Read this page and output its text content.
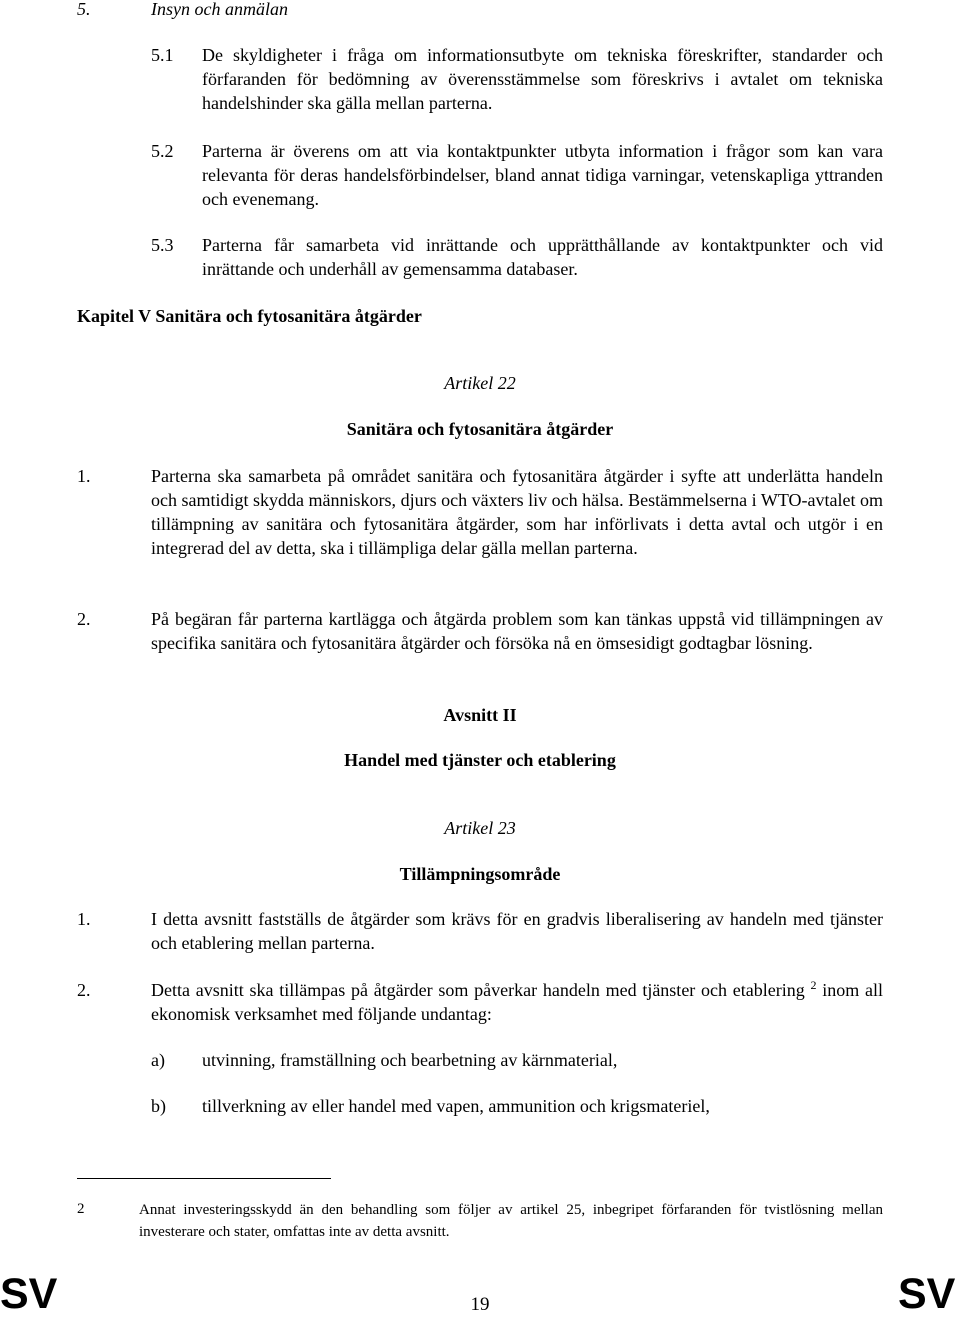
5.	Insyn och anmälan
5.1 De skyldigheter i fråga om informationsutbyte om tekniska föreskrifter, standarder och förfaranden för bedömning av överensstämmelse som föreskrivs i avtalet om tekniska handelshinder ska gälla mellan parterna.
5.2 Parterna är överens om att via kontaktpunkter utbyta information i frågor som kan vara relevanta för deras handelsförbindelser, bland annat tidiga varningar, vetenskapliga yttranden och evenemang.
5.3 Parterna får samarbeta vid inrättande och upprätthållande av kontaktpunkter och vid inrättande och underhåll av gemensamma databaser.
Kapitel V Sanitära och fytosanitära åtgärder
Artikel 22
Sanitära och fytosanitära åtgärder
1.	Parterna ska samarbeta på området sanitära och fytosanitära åtgärder i syfte att underlätta handeln och samtidigt skydda människors, djurs och växters liv och hälsa. Bestämmelserna i WTO-avtalet om tillämpning av sanitära och fytosanitära åtgärder, som har införlivats i detta avtal och utgör i en integrerad del av detta, ska i tillämpliga delar gälla mellan parterna.
2.	På begäran får parterna kartlägga och åtgärda problem som kan tänkas uppstå vid tillämpningen av specifika sanitära och fytosanitära åtgärder och försöka nå en ömsesidigt godtagbar lösning.
Avsnitt II
Handel med tjänster och etablering
Artikel 23
Tillämpningsområde
1.	I detta avsnitt fastställs de åtgärder som krävs för en gradvis liberalisering av handeln med tjänster och etablering mellan parterna.
2.	Detta avsnitt ska tillämpas på åtgärder som påverkar handeln med tjänster och etablering $^2$ inom all ekonomisk verksamhet med följande undantag:
a) utvinning, framställning och bearbetning av kärnmaterial,
b) tillverkning av eller handel med vapen, ammunition och krigsmateriel,
2	Annat investeringsskydd än den behandling som följer av artikel 25, inbegripet förfaranden för tvistlösning mellan investerare och stater, omfattas inte av detta avsnitt.
SV	19	SV
